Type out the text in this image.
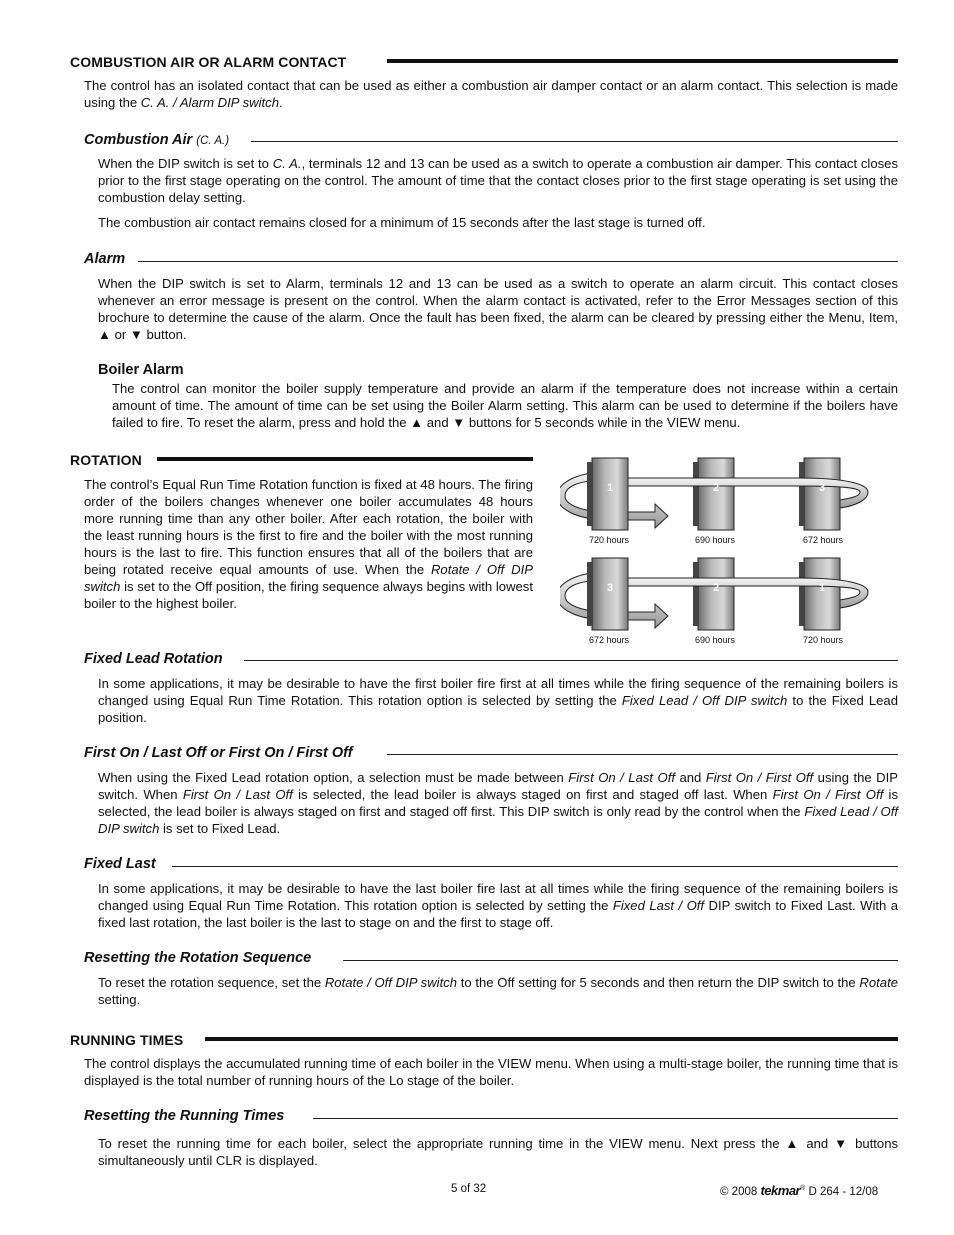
COMBUSTION AIR OR ALARM CONTACT
The control has an isolated contact that can be used as either a combustion air damper contact or an alarm contact. This selection is made using the C. A. / Alarm DIP switch.
Combustion Air (C. A.)
When the DIP switch is set to C. A., terminals 12 and 13 can be used as a switch to operate a combustion air damper. This contact closes prior to the first stage operating on the control. The amount of time that the contact closes prior to the first stage operating is set using the combustion delay setting.
The combustion air contact remains closed for a minimum of 15 seconds after the last stage is turned off.
Alarm
When the DIP switch is set to Alarm, terminals 12 and 13 can be used as a switch to operate an alarm circuit. This contact closes whenever an error message is present on the control. When the alarm contact is activated, refer to the Error Messages section of this brochure to determine the cause of the alarm. Once the fault has been fixed, the alarm can be cleared by pressing either the Menu, Item, ▲ or ▼ button.
Boiler Alarm
The control can monitor the boiler supply temperature and provide an alarm if the temperature does not increase within a certain amount of time. The amount of time can be set using the Boiler Alarm setting. This alarm can be used to determine if the boilers have failed to fire. To reset the alarm, press and hold the ▲ and ▼ buttons for 5 seconds while in the VIEW menu.
ROTATION
The control’s Equal Run Time Rotation function is fixed at 48 hours. The firing order of the boilers changes whenever one boiler accumulates 48 hours more running time than any other boiler. After each rotation, the boiler with the least running hours is the first to fire and the boiler with the most running hours is the last to fire. This function ensures that all of the boilers that are being rotated receive equal amounts of use. When the Rotate / Off DIP switch is set to the Off position, the firing sequence always begins with lowest boiler to the highest boiler.
1	2	3
720 hours	690 hours	672 hours
3	2	1
672 hours	690 hours	720 hours
Fixed Lead Rotation
In some applications, it may be desirable to have the first boiler fire first at all times while the firing sequence of the remaining boilers is changed using Equal Run Time Rotation. This rotation option is selected by setting the Fixed Lead / Off DIP switch to the Fixed Lead position.
First On / Last Off or First On / First Off
When using the Fixed Lead rotation option, a selection must be made between First On / Last Off and First On / First Off using the DIP switch. When First On / Last Off is selected, the lead boiler is always staged on first and staged off last. When First On / First Off is selected, the lead boiler is always staged on first and staged off first. This DIP switch is only read by the control when the Fixed Lead / Off DIP switch is set to Fixed Lead.
Fixed Last
In some applications, it may be desirable to have the last boiler fire last at all times while the firing sequence of the remaining boilers is changed using Equal Run Time Rotation. This rotation option is selected by setting the Fixed Last / Off DIP switch to Fixed Last. With a fixed last rotation, the last boiler is the last to stage on and the first to stage off.
Resetting the Rotation Sequence
To reset the rotation sequence, set the Rotate / Off DIP switch to the Off setting for 5 seconds and then return the DIP switch to the Rotate setting.
RUNNING TIMES
The control displays the accumulated running time of each boiler in the VIEW menu. When using a multi-stage boiler, the running time that is displayed is the total number of running hours of the Lo stage of the boiler.
Resetting the Running Times
To reset the running time for each boiler, select the appropriate running time in the VIEW menu. Next press the ▲ and ▼ buttons simultaneously until CLR is displayed.
5 of 32	© 2008 tekmar® D 264 - 12/08
